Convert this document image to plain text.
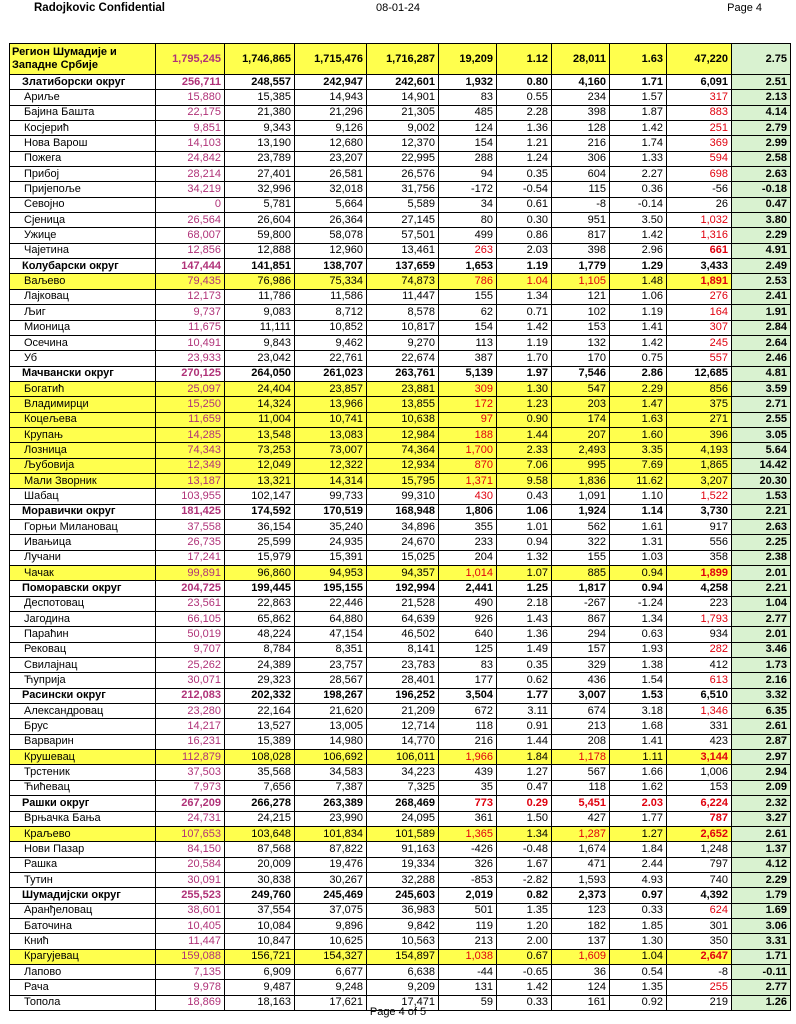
Radojkovic Confidential	08-01-24	Page 4
Регион Шумадије и Западне Србије	1,795,245	1,746,865	1,715,476	1,716,287	19,209	1.12	28,011	1.63	47,220	2.75
Златиборски округ	256,711	248,557	242,947	242,601	1,932	0.80	4,160	1.71	6,091	2.51
Ариље	15,880	15,385	14,943	14,901	83	0.55	234	1.57	317	2.13
Бајина Башта	22,175	21,380	21,296	21,305	485	2.28	398	1.87	883	4.14
Косјерић	9,851	9,343	9,126	9,002	124	1.36	128	1.42	251	2.79
Нова Варош	14,103	13,190	12,680	12,370	154	1.21	216	1.74	369	2.99
Пожега	24,842	23,789	23,207	22,995	288	1.24	306	1.33	594	2.58
Прибој	28,214	27,401	26,581	26,576	94	0.35	604	2.27	698	2.63
Пријепоље	34,219	32,996	32,018	31,756	-172	-0.54	115	0.36	-56	-0.18
Севојно	0	5,781	5,664	5,589	34	0.61	-8	-0.14	26	0.47
Сјеница	26,564	26,604	26,364	27,145	80	0.30	951	3.50	1,032	3.80
Ужице	68,007	59,800	58,078	57,501	499	0.86	817	1.42	1,316	2.29
Чајетина	12,856	12,888	12,960	13,461	263	2.03	398	2.96	661	4.91
Колубарски округ	147,444	141,851	138,707	137,659	1,653	1.19	1,779	1.29	3,433	2.49
Ваљево	79,435	76,986	75,334	74,873	786	1.04	1,105	1.48	1,891	2.53
Лајковац	12,173	11,786	11,586	11,447	155	1.34	121	1.06	276	2.41
Љиг	9,737	9,083	8,712	8,578	62	0.71	102	1.19	164	1.91
Мионица	11,675	11,111	10,852	10,817	154	1.42	153	1.41	307	2.84
Осечина	10,491	9,843	9,462	9,270	113	1.19	132	1.42	245	2.64
Уб	23,933	23,042	22,761	22,674	387	1.70	170	0.75	557	2.46
Мачвански округ	270,125	264,050	261,023	263,761	5,139	1.97	7,546	2.86	12,685	4.81
Богатић	25,097	24,404	23,857	23,881	309	1.30	547	2.29	856	3.59
Владимирци	15,250	14,324	13,966	13,855	172	1.23	203	1.47	375	2.71
Коцељева	11,659	11,004	10,741	10,638	97	0.90	174	1.63	271	2.55
Крупањ	14,285	13,548	13,083	12,984	188	1.44	207	1.60	396	3.05
Лозница	74,343	73,253	73,007	74,364	1,700	2.33	2,493	3.35	4,193	5.64
Љубовија	12,349	12,049	12,322	12,934	870	7.06	995	7.69	1,865	14.42
Мали Зворник	13,187	13,321	14,314	15,795	1,371	9.58	1,836	11.62	3,207	20.30
Шабац	103,955	102,147	99,733	99,310	430	0.43	1,091	1.10	1,522	1.53
Моравички округ	181,425	174,592	170,519	168,948	1,806	1.06	1,924	1.14	3,730	2.21
Горњи Милановац	37,558	36,154	35,240	34,896	355	1.01	562	1.61	917	2.63
Ивањица	26,735	25,599	24,935	24,670	233	0.94	322	1.31	556	2.25
Лучани	17,241	15,979	15,391	15,025	204	1.32	155	1.03	358	2.38
Чачак	99,891	96,860	94,953	94,357	1,014	1.07	885	0.94	1,899	2.01
Поморавски округ	204,725	199,445	195,155	192,994	2,441	1.25	1,817	0.94	4,258	2.21
Деспотовац	23,561	22,863	22,446	21,528	490	2.18	-267	-1.24	223	1.04
Јагодина	66,105	65,862	64,880	64,639	926	1.43	867	1.34	1,793	2.77
Параћин	50,019	48,224	47,154	46,502	640	1.36	294	0.63	934	2.01
Рековац	9,707	8,784	8,351	8,141	125	1.49	157	1.93	282	3.46
Свилајнац	25,262	24,389	23,757	23,783	83	0.35	329	1.38	412	1.73
Ћуприја	30,071	29,323	28,567	28,401	177	0.62	436	1.54	613	2.16
Расински округ	212,083	202,332	198,267	196,252	3,504	1.77	3,007	1.53	6,510	3.32
Александровац	23,280	22,164	21,620	21,209	672	3.11	674	3.18	1,346	6.35
Брус	14,217	13,527	13,005	12,714	118	0.91	213	1.68	331	2.61
Варварин	16,231	15,389	14,980	14,770	216	1.44	208	1.41	423	2.87
Крушевац	112,879	108,028	106,692	106,011	1,966	1.84	1,178	1.11	3,144	2.97
Трстеник	37,503	35,568	34,583	34,223	439	1.27	567	1.66	1,006	2.94
Ћићевац	7,973	7,656	7,387	7,325	35	0.47	118	1.62	153	2.09
Рашки округ	267,209	266,278	263,389	268,469	773	0.29	5,451	2.03	6,224	2.32
Врњачка Бања	24,731	24,215	23,990	24,095	361	1.50	427	1.77	787	3.27
Краљево	107,653	103,648	101,834	101,589	1,365	1.34	1,287	1.27	2,652	2.61
Нови Пазар	84,150	87,568	87,822	91,163	-426	-0.48	1,674	1.84	1,248	1.37
Рашка	20,584	20,009	19,476	19,334	326	1.67	471	2.44	797	4.12
Тутин	30,091	30,838	30,267	32,288	-853	-2.82	1,593	4.93	740	2.29
Шумадијски округ	255,523	249,760	245,469	245,603	2,019	0.82	2,373	0.97	4,392	1.79
Аранђеловац	38,601	37,554	37,075	36,983	501	1.35	123	0.33	624	1.69
Баточина	10,405	10,084	9,896	9,842	119	1.20	182	1.85	301	3.06
Кнић	11,447	10,847	10,625	10,563	213	2.00	137	1.30	350	3.31
Крагујевац	159,088	156,721	154,327	154,897	1,038	0.67	1,609	1.04	2,647	1.71
Лапово	7,135	6,909	6,677	6,638	-44	-0.65	36	0.54	-8	-0.11
Рача	9,978	9,487	9,248	9,209	131	1.42	124	1.35	255	2.77
Топола	18,869	18,163	17,621	17,471	59	0.33	161	0.92	219	1.26
Page 4 of 5
